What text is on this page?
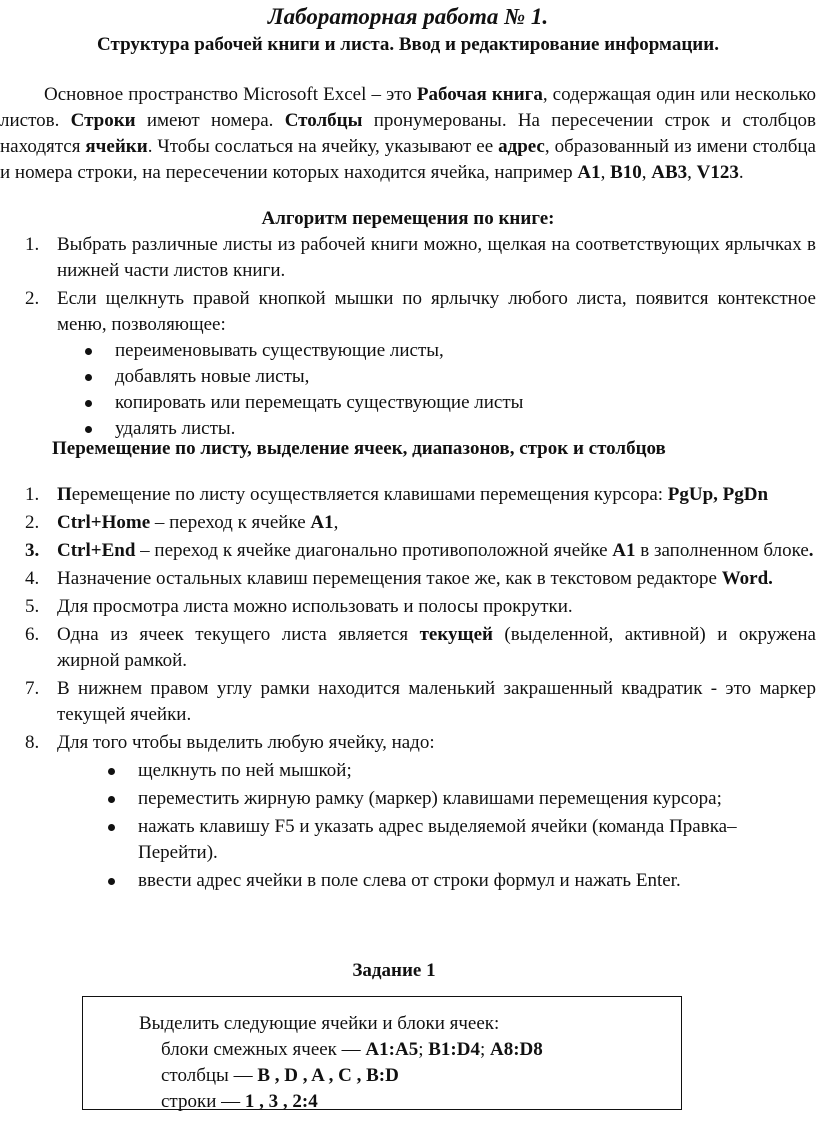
Лабораторная работа № 1.
Структура рабочей книги и листа. Ввод и редактирование информации.

Основное пространство Microsoft Excel – это Рабочая книга, содержащая один или несколько листов. Строки имеют номера. Столбцы пронумерованы. На пересечении строк и столбцов находятся ячейки. Чтобы сослаться на ячейку, указывают ее адрес, образованный из имени столбца и номера строки, на пересечении которых находится ячейка, например A1, B10, AB3, V123.

Алгоритм перемещения по книге:
1. Выбрать различные листы из рабочей книги можно, щелкая на соответствующих ярлычках в нижней части листов книги.
2. Если щелкнуть правой кнопкой мышки по ярлычку любого листа, появится контекстное меню, позволяющее:
переименовывать существующие листы,
добавлять новые листы,
копировать или перемещать существующие листы
удалять листы.
Перемещение по листу, выделение ячеек, диапазонов, строк и столбцов
1. Перемещение по листу осуществляется клавишами перемещения курсора: PgUp, PgDn
2. Ctrl+Home – переход к ячейке A1,
3. Ctrl+End – переход к ячейке диагонально противоположной ячейке A1 в заполненном блоке.
4. Назначение остальных клавиш перемещения такое же, как в текстовом редакторе Word.
5. Для просмотра листа можно использовать и полосы прокрутки.
6. Одна из ячеек текущего листа является текущей (выделенной, активной) и окружена жирной рамкой.
7. В нижнем правом углу рамки находится маленький закрашенный квадратик - это маркер текущей ячейки.
8. Для того чтобы выделить любую ячейку, надо:
щелкнуть по ней мышкой;
переместить жирную рамку (маркер) клавишами перемещения курсора;
нажать клавишу F5 и указать адрес выделяемой ячейки (команда Правка–Перейти).
ввести адрес ячейки в поле слева от строки формул и нажать Enter.
Задание 1
Выделить следующие ячейки и блоки ячеек:
блоки смежных ячеек — A1:A5; B1:D4; A8:D8
столбцы — B , D , A , C , B:D
строки — 1 , 3 , 2:4
